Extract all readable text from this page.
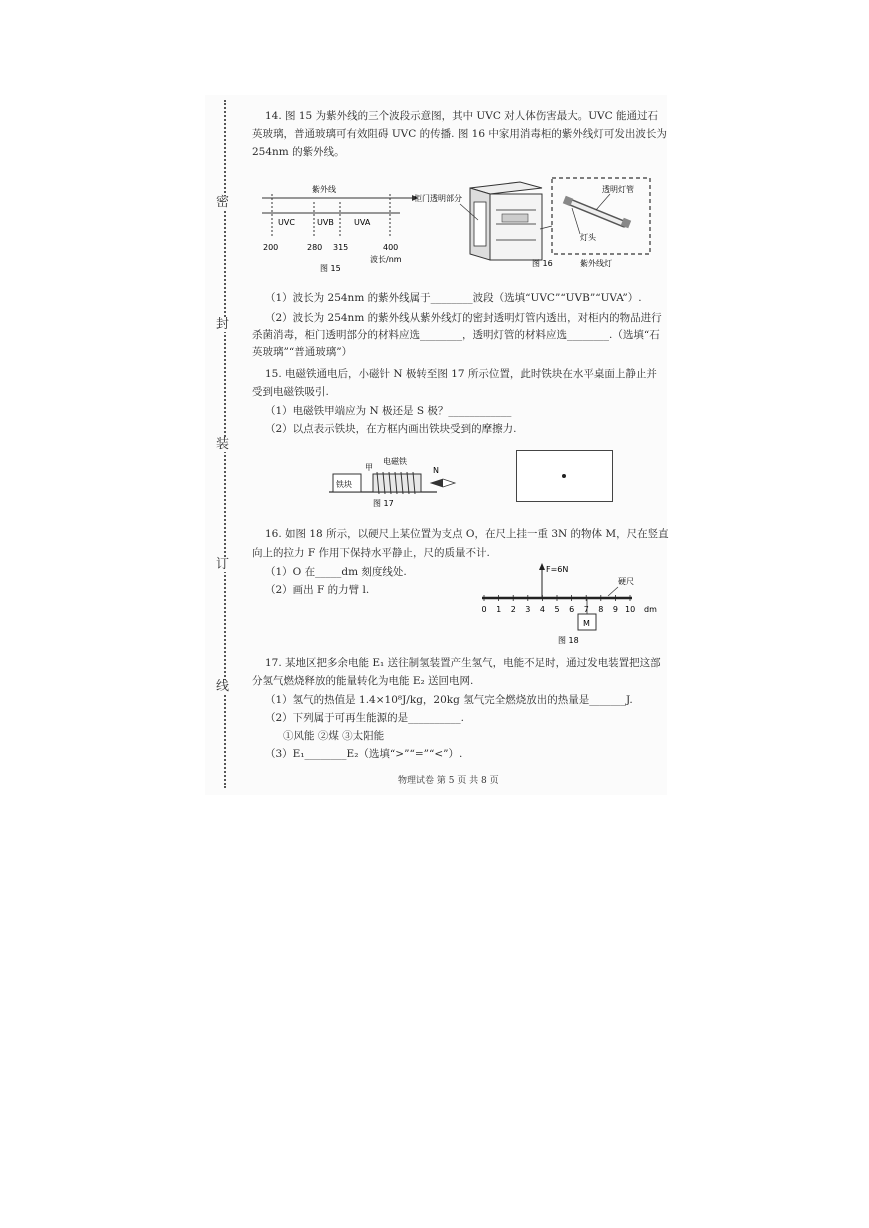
密
封
装
订
线
14. 图 15 为紫外线的三个波段示意图，其中 UVC 对人体伤害最大。UVC 能通过石
英玻璃，普通玻璃可有效阻碍 UVC 的传播. 图 16 中家用消毒柜的紫外线灯可发出波长为
254nm 的紫外线。
紫外线
UVC	UVB	UVA
200	280 315	400
波长/nm
图 15
柜门透明部分
图 16
透明灯管
灯头
紫外线灯
（1）波长为 254nm 的紫外线属于________波段（选填“UVC”“UVB”“UVA”）.
（2）波长为 254nm 的紫外线从紫外线灯的密封透明灯管内透出，对柜内的物品进行
杀菌消毒，柜门透明部分的材料应选________，透明灯管的材料应选________.（选填“石
英玻璃”“普通玻璃”）
15. 电磁铁通电后，小磁针 N 极转至图 17 所示位置，此时铁块在水平桌面上静止并
受到电磁铁吸引.
（1）电磁铁甲端应为 N 极还是 S 极？____________
（2）以点表示铁块，在方框内画出铁块受到的摩擦力.
铁块
甲
电磁铁
N
图 17
16. 如图 18 所示，以硬尺上某位置为支点 O，在尺上挂一重 3N 的物体 M，尺在竖直
向上的拉力 F 作用下保持水平静止，尺的质量不计.
（1）O 在_____dm 刻度线处.
（2）画出 F 的力臂 l.
F=6N
硬尺
0 1 2 3 4 5 6 7 8 9 10 dm
M
图 18
17. 某地区把多余电能 E₁ 送往制氢装置产生氢气，电能不足时，通过发电装置把这部
分氢气燃烧释放的能量转化为电能 E₂ 送回电网.
（1）氢气的热值是 1.4×10⁸J/kg，20kg 氢气完全燃烧放出的热量是_______J.
（2）下列属于可再生能源的是__________.
①风能 ②煤 ③太阳能
（3）E₁________E₂（选填“>”“=”“<”）.
物理试卷 第 5 页 共 8 页
